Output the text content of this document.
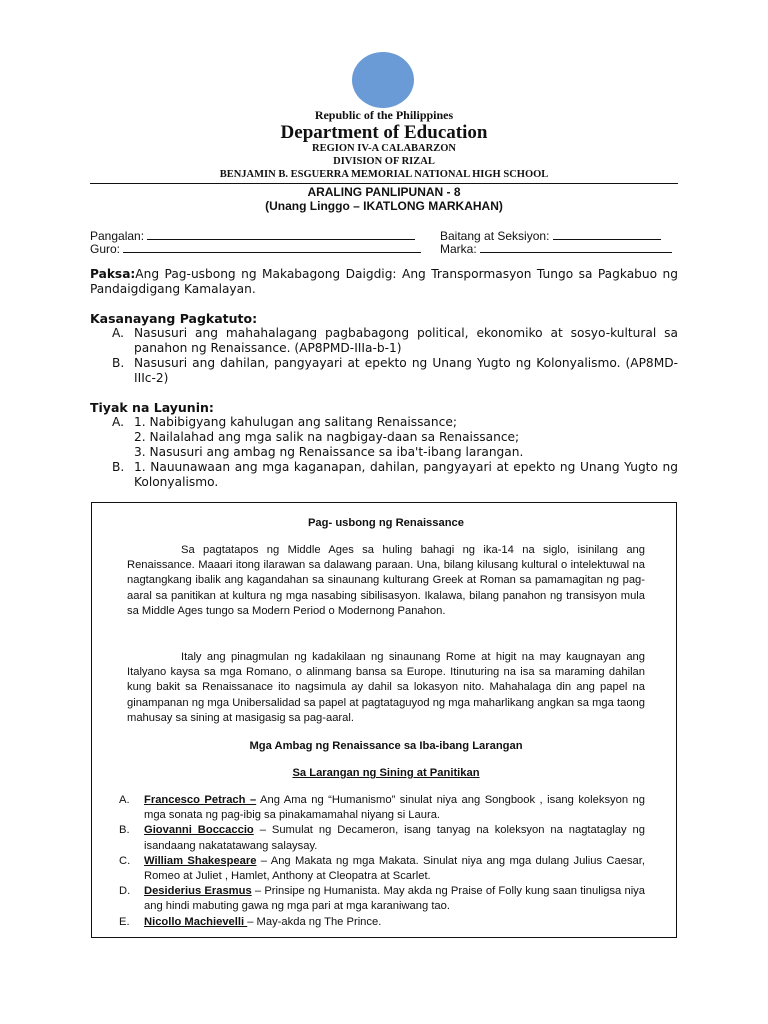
Republic of the Philippines
Department of Education
REGION IV-A CALABARZON
DIVISION OF RIZAL
BENJAMIN B. ESGUERRA MEMORIAL NATIONAL HIGH SCHOOL
ARALING PANLIPUNAN - 8
(Unang Linggo – IKATLONG MARKAHAN)
Pangalan:	Baitang at Seksiyon:
Guro:	Marka:
Paksa:Ang Pag-usbong ng Makabagong Daigdig: Ang Transpormasyon Tungo sa Pagkabuo ng Pandaigdigang Kamalayan.
Kasanayang Pagkatuto:
A. Nasusuri ang mahahalagang pagbabagong political, ekonomiko at sosyo-kultural sa panahon ng Renaissance. (AP8PMD-IIIa-b-1)
B. Nasusuri ang dahilan, pangyayari at epekto ng Unang Yugto ng Kolonyalismo. (AP8MD-IIIc-2)
Tiyak na Layunin:
A. 1. Nabibigyang kahulugan ang salitang Renaissance;
2. Nailalahad ang mga salik na nagbigay-daan sa Renaissance;
3. Nasusuri ang ambag ng Renaissance sa iba't-ibang larangan.
B. 1. Nauunawaan ang mga kaganapan, dahilan, pangyayari at epekto ng Unang Yugto ng Kolonyalismo.
Pag- usbong ng Renaissance
Sa pagtatapos ng Middle Ages sa huling bahagi ng ika-14 na siglo, isinilang ang Renaissance. Maaari itong ilarawan sa dalawang paraan. Una, bilang kilusang kultural o intelektuwal na nagtangkang ibalik ang kagandahan sa sinaunang kulturang Greek at Roman sa pamamagitan ng pag-aaral sa panitikan at kultura ng mga nasabing sibilisasyon. Ikalawa, bilang panahon ng transisyon mula sa Middle Ages tungo sa Modern Period o Modernong Panahon.
Italy ang pinagmulan ng kadakilaan ng sinaunang Rome at higit na may kaugnayan ang Italyano kaysa sa mga Romano, o alinmang bansa sa Europe. Itinuturing na isa sa maraming dahilan kung bakit sa Renaissanace ito nagsimula ay dahil sa lokasyon nito. Mahahalaga din ang papel na ginampanan ng mga Unibersalidad sa papel at pagtataguyod ng mga maharlikang angkan sa mga taong mahusay sa sining at masigasig sa pag-aaral.
Mga Ambag ng Renaissance sa Iba-ibang Larangan
Sa Larangan ng Sining at Panitikan
A. Francesco Petrach – Ang Ama ng “Humanismo” sinulat niya ang Songbook , isang koleksyon ng mga sonata ng pag-ibig sa pinakamamahal niyang si Laura.
B. Giovanni Boccaccio – Sumulat ng Decameron, isang tanyag na koleksyon na nagtataglay ng isandaang nakatatawang salaysay.
C. William Shakespeare – Ang Makata ng mga Makata. Sinulat niya ang mga dulang Julius Caesar, Romeo at Juliet , Hamlet, Anthony at Cleopatra at Scarlet.
D. Desiderius Erasmus – Prinsipe ng Humanista. May akda ng Praise of Folly kung saan tinuligsa niya ang hindi mabuting gawa ng mga pari at mga karaniwang tao.
E. Nicollo Machievelli – May-akda ng The Prince.
